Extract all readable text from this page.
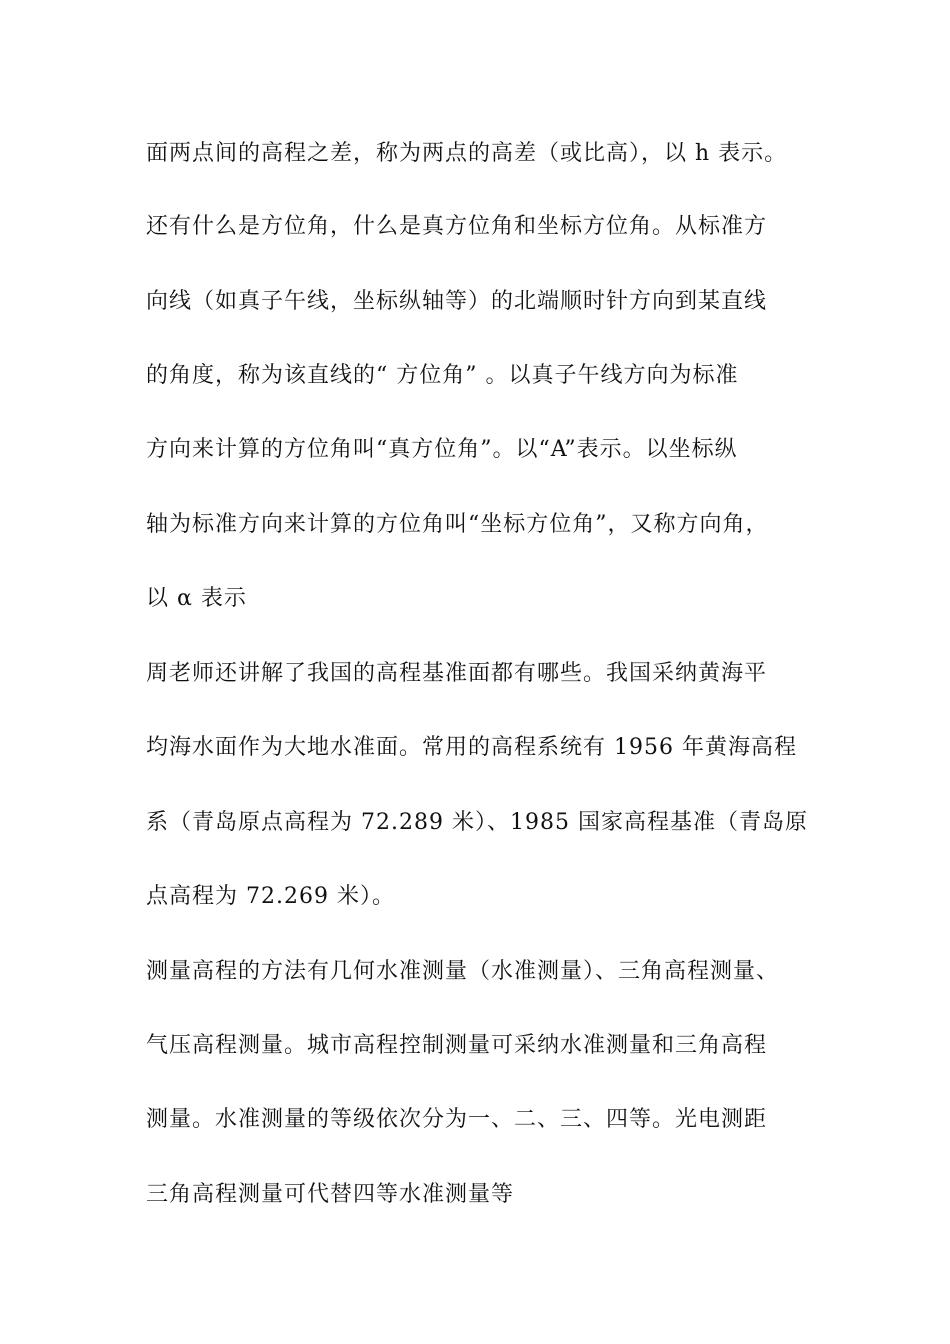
面两点间的高程之差，称为两点的高差（或比高），以 h 表示。
还有什么是方位角，什么是真方位角和坐标方位角。从标准方
向线（如真子午线，坐标纵轴等）的北端顺时针方向到某直线
的角度，称为该直线的“ 方位角” 。以真子午线方向为标准
方向来计算的方位角叫“真方位角”。以“A”表示。以坐标纵
轴为标准方向来计算的方位角叫“坐标方位角”，又称方向角，
以 α 表示
周老师还讲解了我国的高程基准面都有哪些。我国采纳黄海平
均海水面作为大地水准面。常用的高程系统有 1956 年黄海高程
系（青岛原点高程为 72.289 米）、1985 国家高程基准（青岛原
点高程为 72.269 米）。
测量高程的方法有几何水准测量（水准测量）、三角高程测量、
气压高程测量。城市高程控制测量可采纳水准测量和三角高程
测量。水准测量的等级依次分为一、二、三、四等。光电测距
三角高程测量可代替四等水准测量等
